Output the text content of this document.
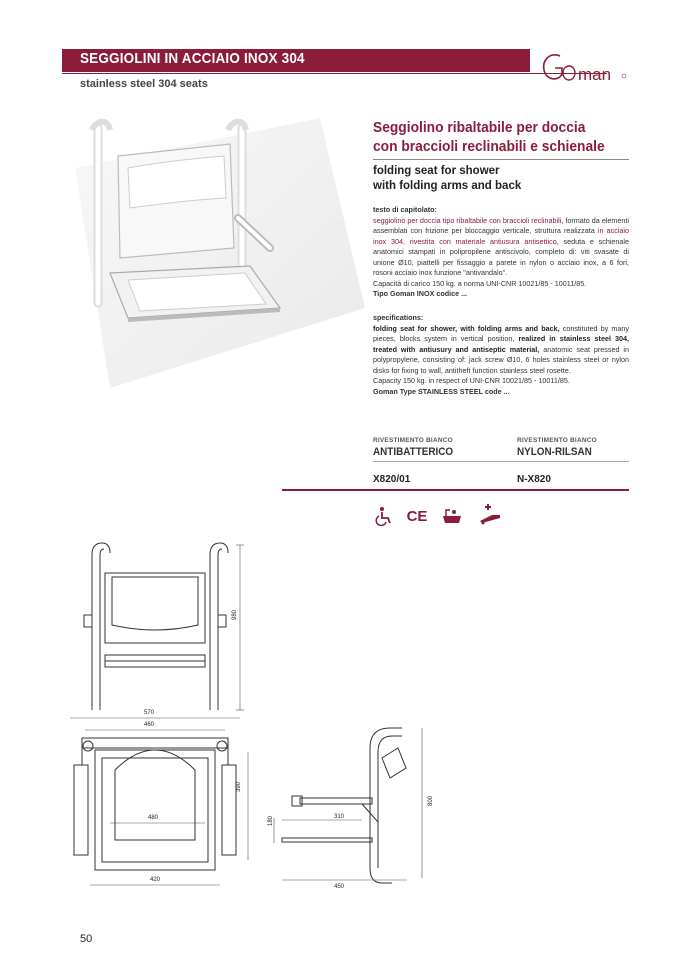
SEGGIOLINI IN ACCIAIO INOX 304
stainless steel 304 seats	man
Seggiolino ribaltabile per doccia
con braccioli reclinabili e schienale
folding seat for shower
with folding arms and back
testo di capitolato:
seggiolino per doccia tipo ribaltabile con braccioli reclinabili, formato da elementi assemblati con frizione per bloccaggio verticale, struttura realizzata in acciaio inox 304, rivestita con materiale antiusura antisettico, seduta e schienale anatomici stampati in polipropilene antiscivolo, completo di: viti svasate di unione Ø10, piattelli per fissaggio a parete in nylon o acciaio inox, a 6 fori, rosoni acciaio inox funzione "antivandalo".
Capacità di carico 150 kg. a norma UNI-CNR 10021/85 - 10011/85.
Tipo Goman INOX codice ...
specifications:
folding seat for shower, with folding arms and back, constituted by many pieces, blocks system in vertical position, realized in stainless steel 304, treated with antiusury and antiseptic material, anatomic seat pressed in polypropylene, consisting of: jack screw Ø10, 6 holes stainless steel or nylon disks for fixing to wall, antitheft function stainless steel rosette.
Capacity 150 kg. in respect of UNI-CNR 10021/85 - 10011/85.
Goman Type STAINLESS STEEL code ...
RIVESTIMENTO BIANCO
ANTIBATTERICO
RIVESTIMENTO BIANCO
NYLON-RILSAN
X820/01	N-X820
CE
980
570
460
480
390
420
310
800
180
450
50
